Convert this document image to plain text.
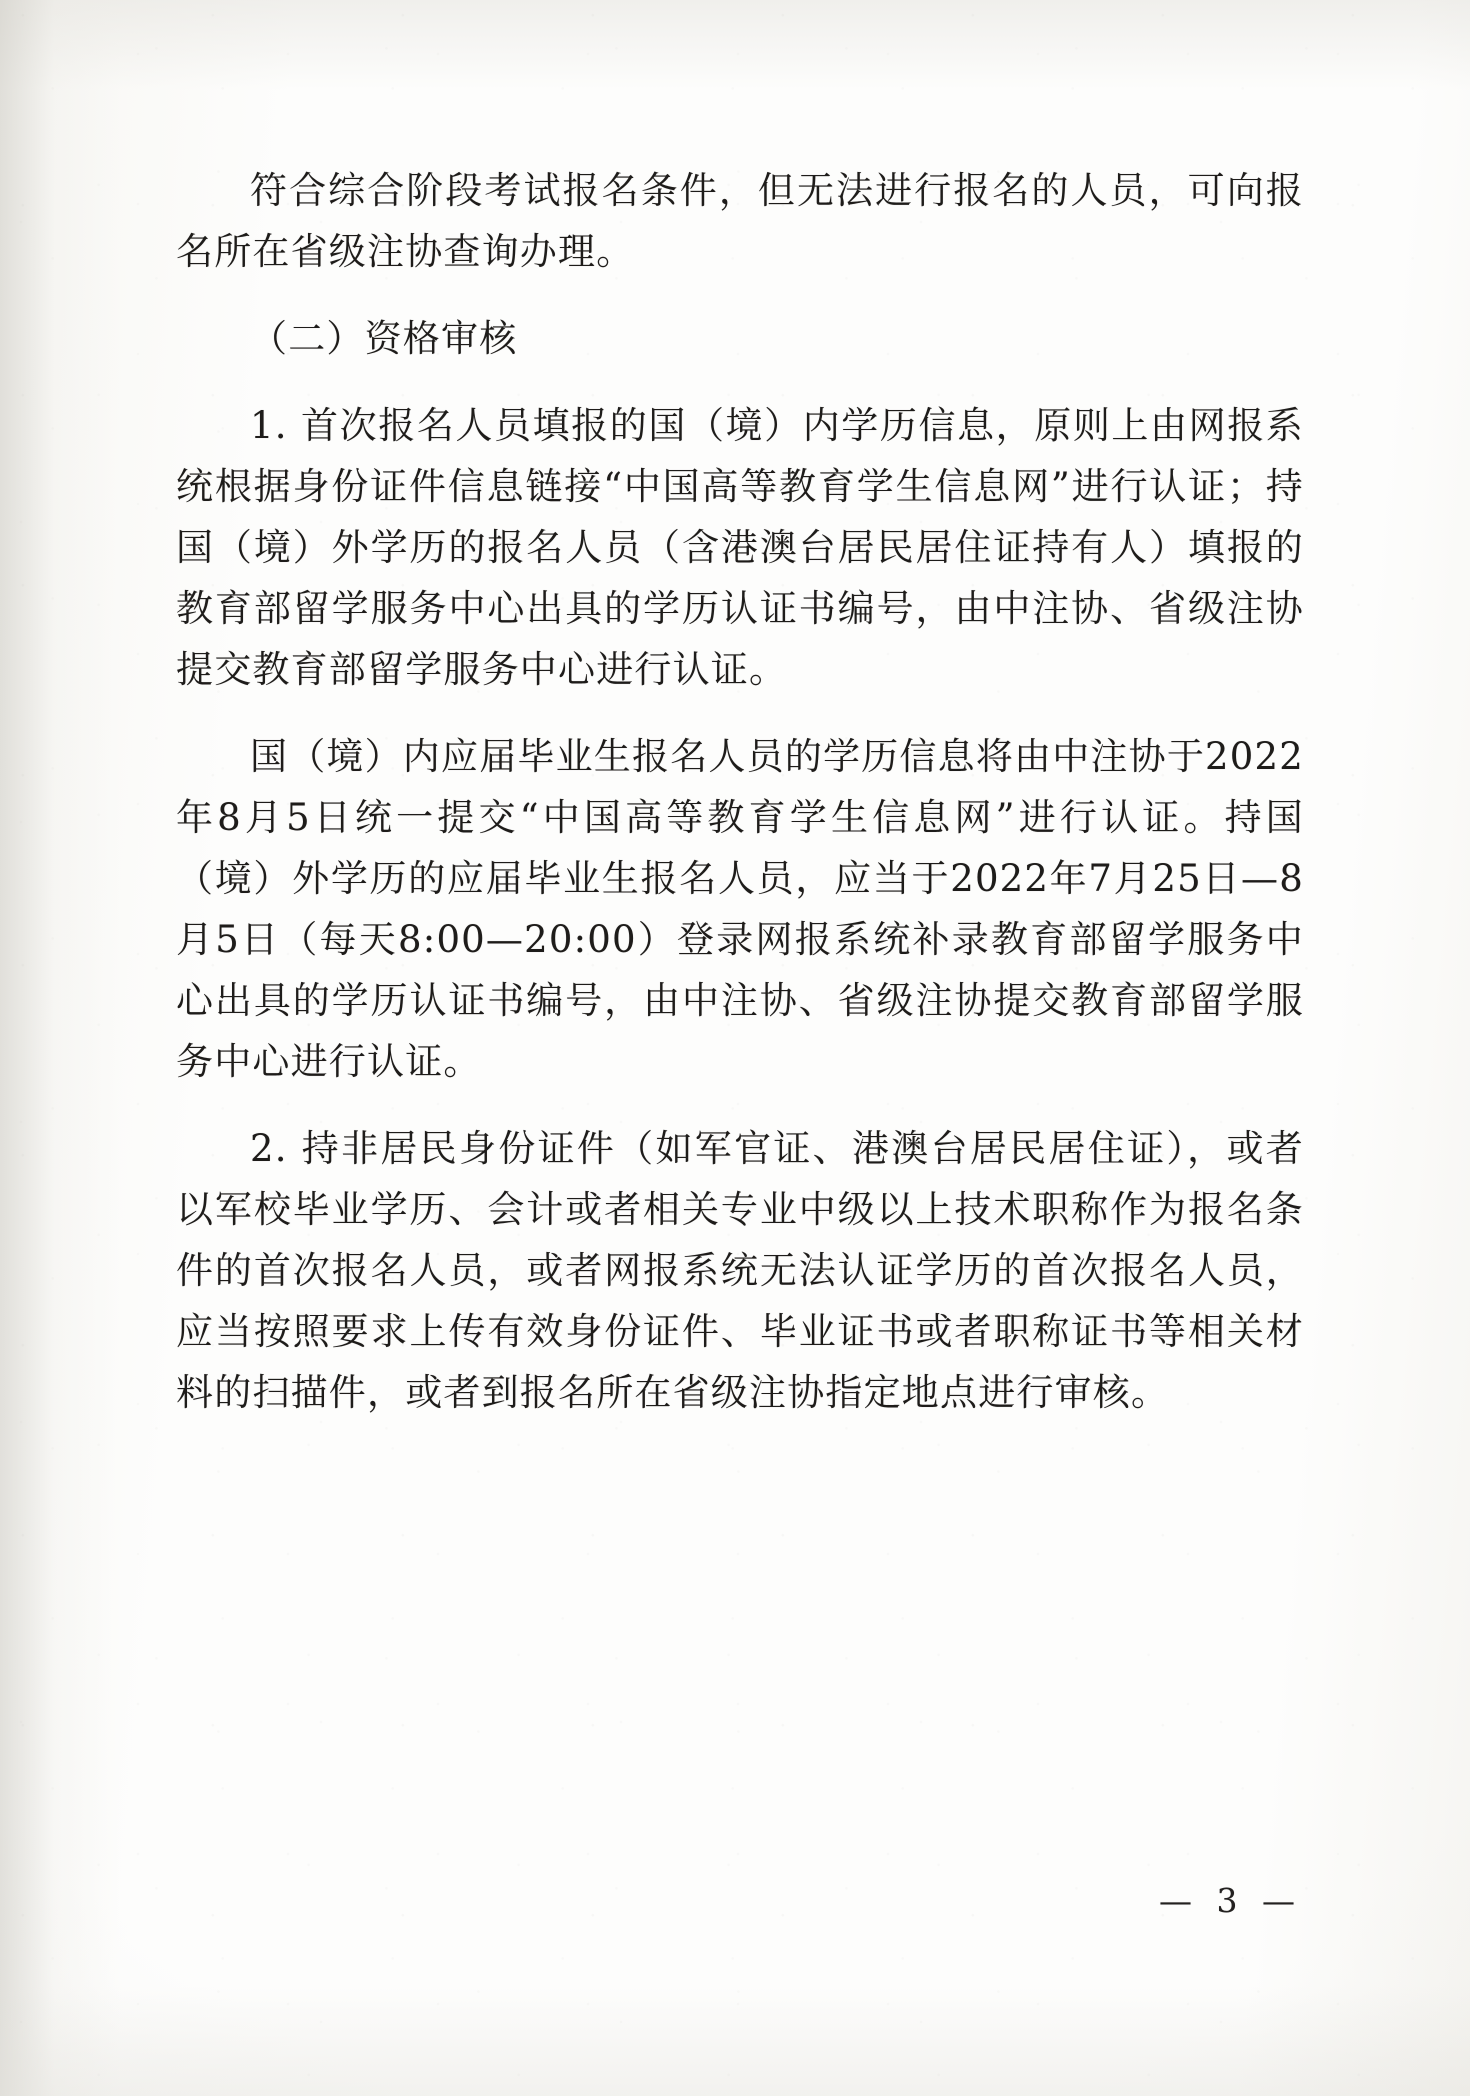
符合综合阶段考试报名条件，但无法进行报名的人员，可向报名所在省级注协查询办理。

（二）资格审核

1. 首次报名人员填报的国（境）内学历信息，原则上由网报系统根据身份证件信息链接“中国高等教育学生信息网”进行认证；持国（境）外学历的报名人员（含港澳台居民居住证持有人）填报的教育部留学服务中心出具的学历认证书编号，由中注协、省级注协提交教育部留学服务中心进行认证。

国（境）内应届毕业生报名人员的学历信息将由中注协于2022年8月5日统一提交“中国高等教育学生信息网”进行认证。持国（境）外学历的应届毕业生报名人员，应当于2022年7月25日—8月5日（每天8:00—20:00）登录网报系统补录教育部留学服务中心出具的学历认证书编号，由中注协、省级注协提交教育部留学服务中心进行认证。

2. 持非居民身份证件（如军官证、港澳台居民居住证），或者以军校毕业学历、会计或者相关专业中级以上技术职称作为报名条件的首次报名人员，或者网报系统无法认证学历的首次报名人员，应当按照要求上传有效身份证件、毕业证书或者职称证书等相关材料的扫描件，或者到报名所在省级注协指定地点进行审核。

— 3 —
